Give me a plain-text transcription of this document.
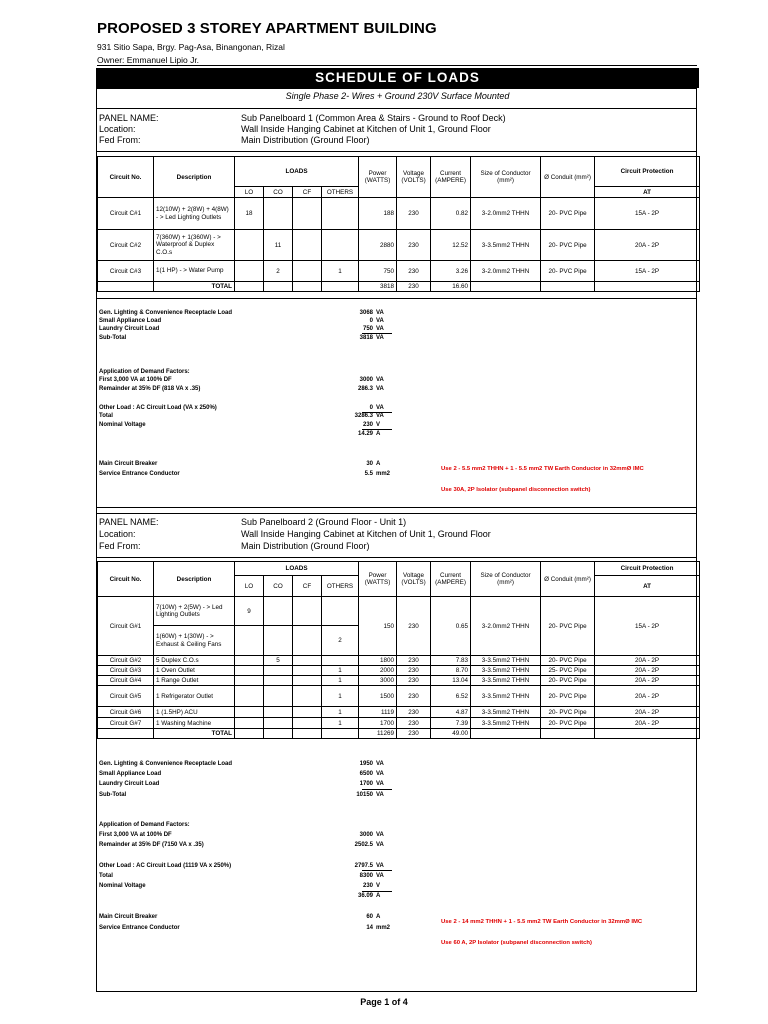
PROPOSED 3 STOREY APARTMENT BUILDING
931 Sitio Sapa, Brgy. Pag-Asa, Binangonan, Rizal
Owner: Emmanuel Lipio Jr.
SCHEDULE OF LOADS
Single Phase 2- Wires + Ground 230V Surface Mounted
PANEL NAME:	Sub Panelboard 1 (Common Area & Stairs - Ground to Roof Deck)
Location:	Wall Inside Hanging Cabinet at Kitchen of Unit 1, Ground Floor
Fed From:	Main Distribution (Ground Floor)
Circuit No.	Description	LOADS				Power (WATTS)	Voltage (VOLTS)	Current (AMPERE)	Size of Conductor (mm²)	Ø Conduit (mm²)	Circuit Protection
		LO	CO	CF	OTHERS						AT
Circuit C#1	12(10W) + 2(8W) + 4(8W) - > Led Lighting Outlets	18				188	230	0.82	3-2.0mm2 THHN	20- PVC Pipe	15A - 2P
Circuit C#2	7(360W) + 1(360W) - > Waterproof & Duplex C.O.s		11			2880	230	12.52	3-3.5mm2 THHN	20- PVC Pipe	20A - 2P
Circuit C#3	1(1 HP) - > Water Pump		2		1	750	230	3.26	3-2.0mm2 THHN	20- PVC Pipe	15A - 2P
	TOTAL					3818	230	16.60			
Gen. Lighting & Convenience Receptacle Load	3068 VA
Small Appliance Load	0 VA
Laundry Circuit Load	750 VA
Sub-Total	3818 VA
Application of Demand Factors:
First 3,000 VA at 100% DF	3000 VA
Remainder at 35% DF (818 VA x .35)	286.3 VA
Other Load : AC Circuit Load (VA x 250%)	0 VA
Total	3286.3 VA
Nominal Voltage	230 V
14.29 A
Main Circuit Breaker	30 A
Service Entrance Conductor	5.5 mm2
Use 2 - 5.5 mm2 THHN + 1 - 5.5 mm2 TW Earth Conductor in 32mmØ IMC
Use 30A, 2P Isolator (subpanel disconnection switch)
PANEL NAME:	Sub Panelboard 2 (Ground Floor - Unit 1)
Location:	Wall Inside Hanging Cabinet at Kitchen of Unit 1, Ground Floor
Fed From:	Main Distribution (Ground Floor)
Circuit No.	Description	LOADS				Power (WATTS)	Voltage (VOLTS)	Current (AMPERE)	Size of Conductor (mm²)	Ø Conduit (mm²)	Circuit Protection
		LO	CO	CF	OTHERS						AT
Circuit G#1	7(10W) + 2(5W) - > Led Lighting Outlets	9				150	230	0.65	3-2.0mm2 THHN	20- PVC Pipe	15A - 2P
	1(60W) + 1(30W) - > Exhaust & Ceiling Fans				2						
Circuit G#2	5 Duplex C.O.s		5			1800	230	7.83	3-3.5mm2 THHN	20- PVC Pipe	20A - 2P
Circuit G#3	1 Oven Outlet				1	2000	230	8.70	3-3.5mm2 THHN	25- PVC Pipe	20A - 2P
Circuit G#4	1 Range Outlet				1	3000	230	13.04	3-3.5mm2 THHN	20- PVC Pipe	20A - 2P
Circuit G#5	1 Refrigerator Outlet				1	1500	230	6.52	3-3.5mm2 THHN	20- PVC Pipe	20A - 2P
Circuit G#6	1 (1.5HP) ACU				1	1119	230	4.87	3-3.5mm2 THHN	20- PVC Pipe	20A - 2P
Circuit G#7	1 Washing Machine				1	1700	230	7.39	3-3.5mm2 THHN	20- PVC Pipe	20A - 2P
	TOTAL					11269	230	49.00			
Gen. Lighting & Convenience Receptacle Load	1950 VA
Small Appliance Load	6500 VA
Laundry Circuit Load	1700 VA
Sub-Total	10150 VA
Application of Demand Factors:
First 3,000 VA at 100% DF	3000 VA
Remainder at 35% DF (7150 VA x .35)	2502.5 VA
Other Load : AC Circuit Load (1119 VA x 250%)	2797.5 VA
Total	8300 VA
Nominal Voltage	230 V
36.09 A
Main Circuit Breaker	60 A
Service Entrance Conductor	14 mm2
Use 2 - 14 mm2 THHN + 1 - 5.5 mm2 TW Earth Conductor in 32mmØ IMC
Use 60 A, 2P Isolator (subpanel disconnection switch)
Page 1 of 4
